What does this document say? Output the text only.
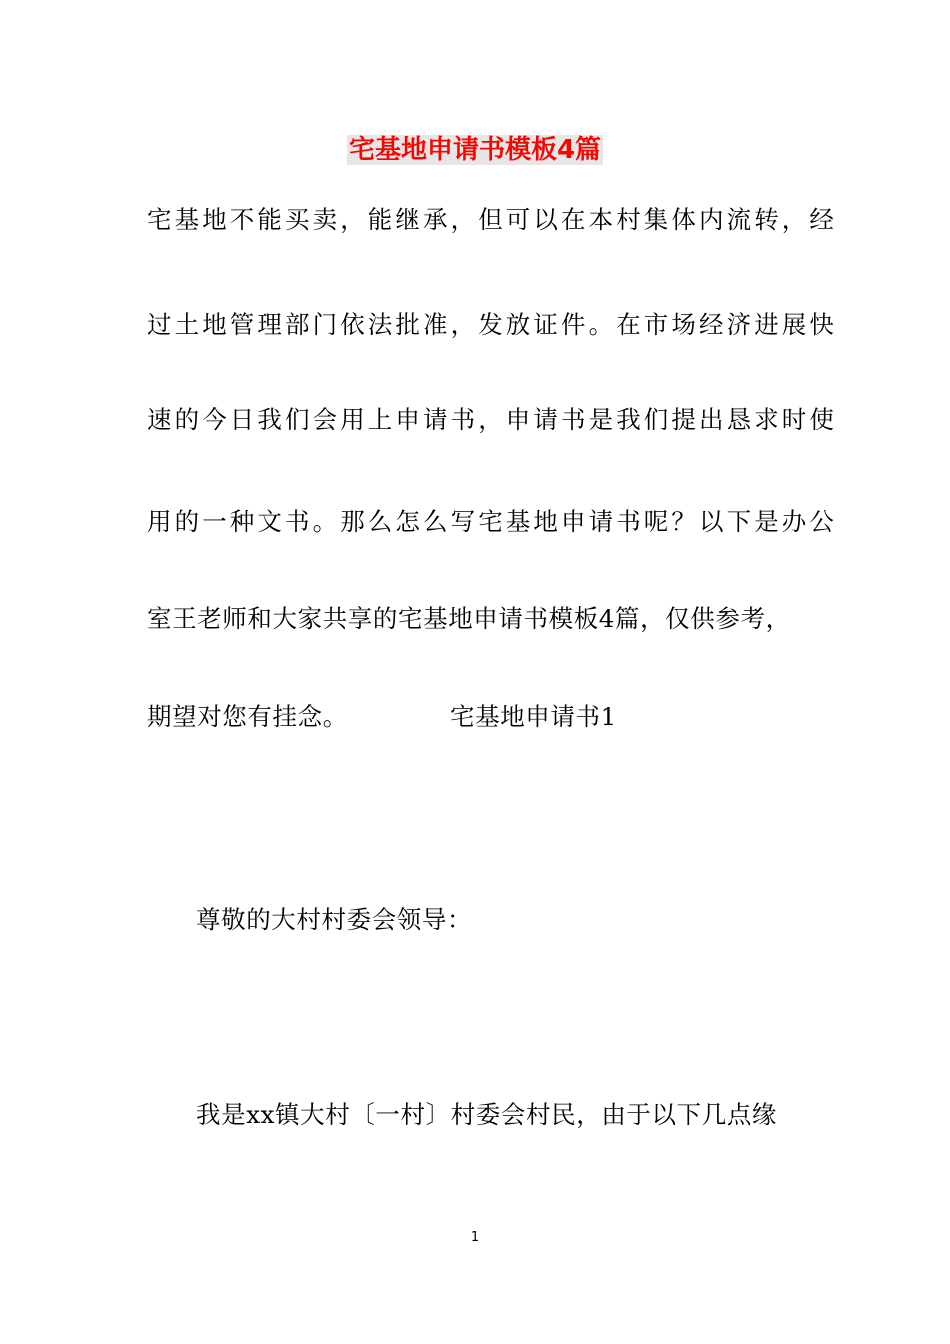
宅基地申请书模板4篇
宅基地不能买卖，能继承，但可以在本村集体内流转，经
过土地管理部门依法批准，发放证件。在市场经济进展快
速的今日我们会用上申请书，申请书是我们提出恳求时使
用的一种文书。那么怎么写宅基地申请书呢？以下是办公
室王老师和大家共享的宅基地申请书模板4篇，仅供参考，
期望对您有挂念。	宅基地申请书1
尊敬的大村村委会领导：
我是xx镇大村〔一村〕村委会村民，由于以下几点缘
1
